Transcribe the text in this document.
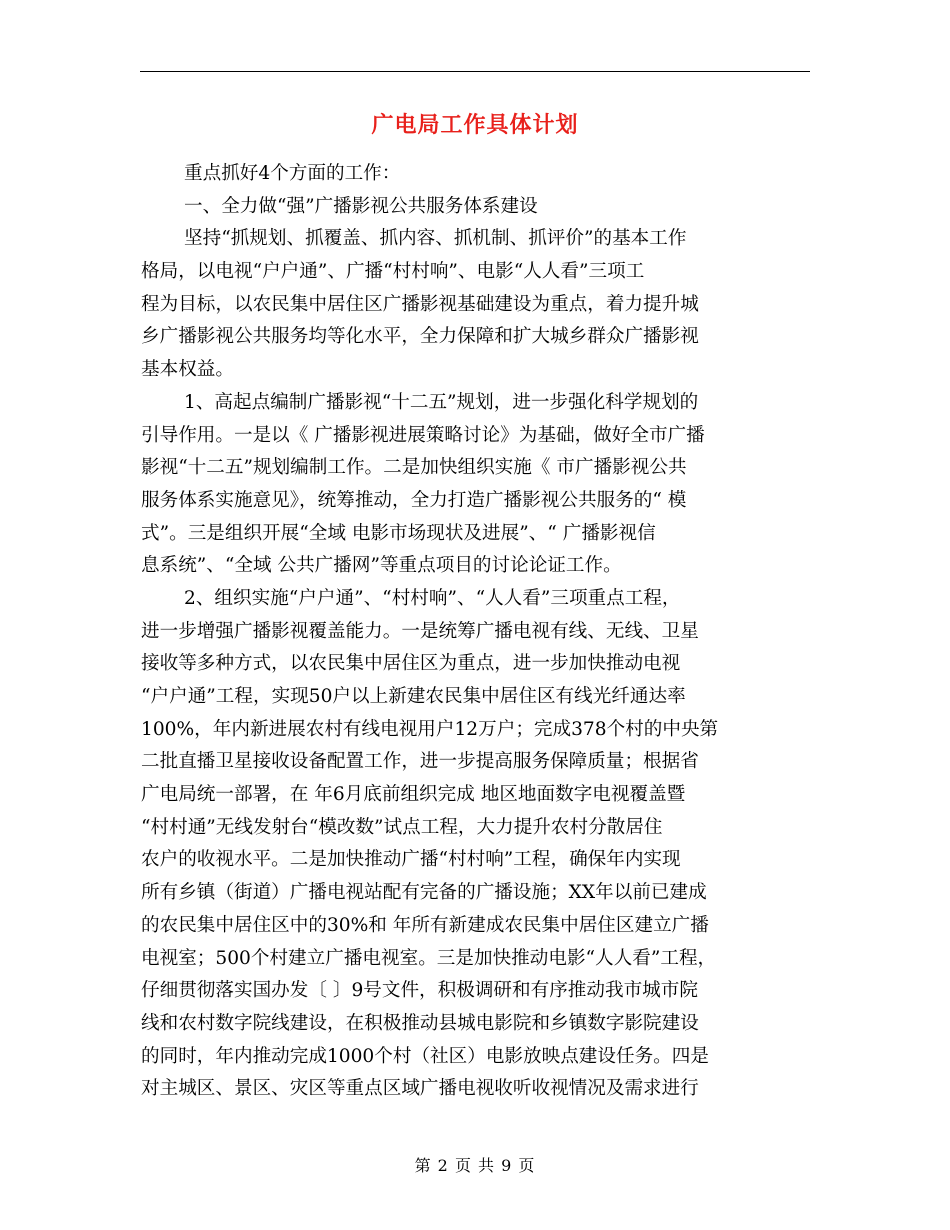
广电局工作具体计划
重点抓好4个方面的工作：
一、全力做“强”广播影视公共服务体系建设
坚持“抓规划、抓覆盖、抓内容、抓机制、抓评价”的基本工作
格局，以电视“户户通”、广播“村村响”、电影“人人看”三项工
程为目标，以农民集中居住区广播影视基础建设为重点，着力提升城
乡广播影视公共服务均等化水平，全力保障和扩大城乡群众广播影视
基本权益。
1、高起点编制广播影视“十二五”规划，进一步强化科学规划的
引导作用。一是以《 广播影视进展策略讨论》为基础，做好全市广播
影视“十二五”规划编制工作。二是加快组织实施《 市广播影视公共
服务体系实施意见》，统筹推动，全力打造广播影视公共服务的“ 模
式”。三是组织开展“全域 电影市场现状及进展”、“ 广播影视信
息系统”、“全域 公共广播网”等重点项目的讨论论证工作。
2、组织实施“户户通”、“村村响”、“人人看”三项重点工程，
进一步增强广播影视覆盖能力。一是统筹广播电视有线、无线、卫星
接收等多种方式，以农民集中居住区为重点，进一步加快推动电视
“户户通”工程，实现50户以上新建农民集中居住区有线光纤通达率
100%，年内新进展农村有线电视用户12万户；完成378个村的中央第
二批直播卫星接收设备配置工作，进一步提高服务保障质量；根据省
广电局统一部署，在 年6月底前组织完成 地区地面数字电视覆盖暨
“村村通”无线发射台“模改数”试点工程，大力提升农村分散居住
农户的收视水平。二是加快推动广播“村村响”工程，确保年内实现
所有乡镇（街道）广播电视站配有完备的广播设施；XX年以前已建成
的农民集中居住区中的30%和 年所有新建成农民集中居住区建立广播
电视室；500个村建立广播电视室。三是加快推动电影“人人看”工程，
仔细贯彻落实国办发〔 〕9号文件，积极调研和有序推动我市城市院
线和农村数字院线建设，在积极推动县城电影院和乡镇数字影院建设
的同时，年内推动完成1000个村（社区）电影放映点建设任务。四是
对主城区、景区、灾区等重点区域广播电视收听收视情况及需求进行
第 2 页 共 9 页
